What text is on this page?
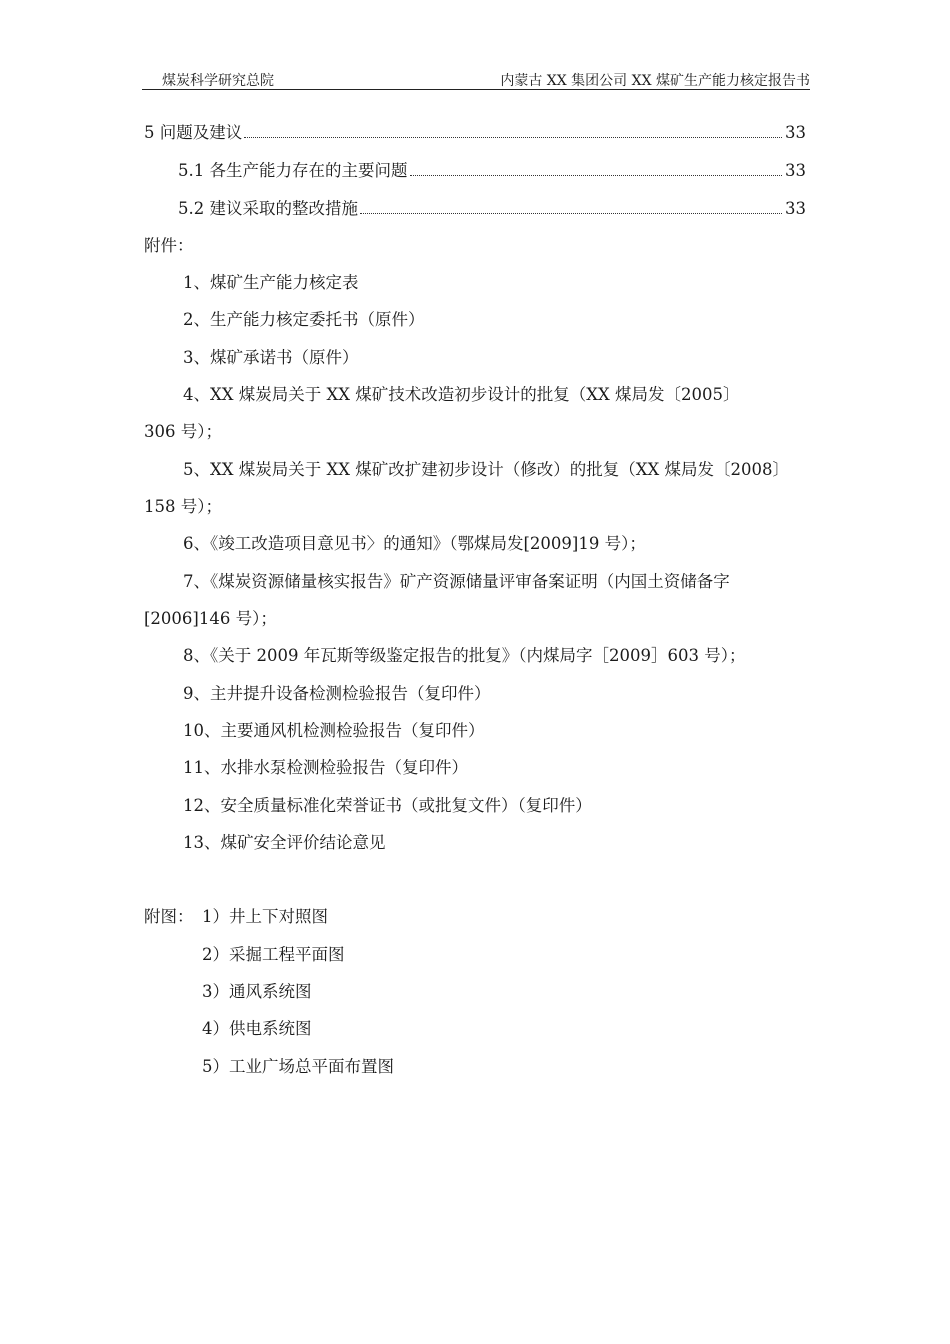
煤炭科学研究总院	内蒙古 XX 集团公司 XX 煤矿生产能力核定报告书
5 问题及建议	33
5.1 各生产能力存在的主要问题	33
5.2 建议采取的整改措施	33
附件：
1、煤矿生产能力核定表
2、生产能力核定委托书（原件）
3、煤矿承诺书（原件）
4、XX 煤炭局关于 XX 煤矿技术改造初步设计的批复（XX 煤局发〔2005〕
306 号）；
5、XX 煤炭局关于 XX 煤矿改扩建初步设计（修改）的批复（XX 煤局发〔2008〕
158 号）；
6、《竣工改造项目意见书〉的通知》（鄂煤局发[2009]19 号）；
7、《煤炭资源储量核实报告》矿产资源储量评审备案证明（内国土资储备字
[2006]146 号）；
8、《关于 2009 年瓦斯等级鉴定报告的批复》（内煤局字［2009］603 号）；
9、主井提升设备检测检验报告（复印件）
10、主要通风机检测检验报告（复印件）
11、水排水泵检测检验报告（复印件）
12、安全质量标准化荣誉证书（或批复文件）（复印件）
13、煤矿安全评价结论意见
附图： 1）井上下对照图
2）采掘工程平面图
3）通风系统图
4）供电系统图
5）工业广场总平面布置图
